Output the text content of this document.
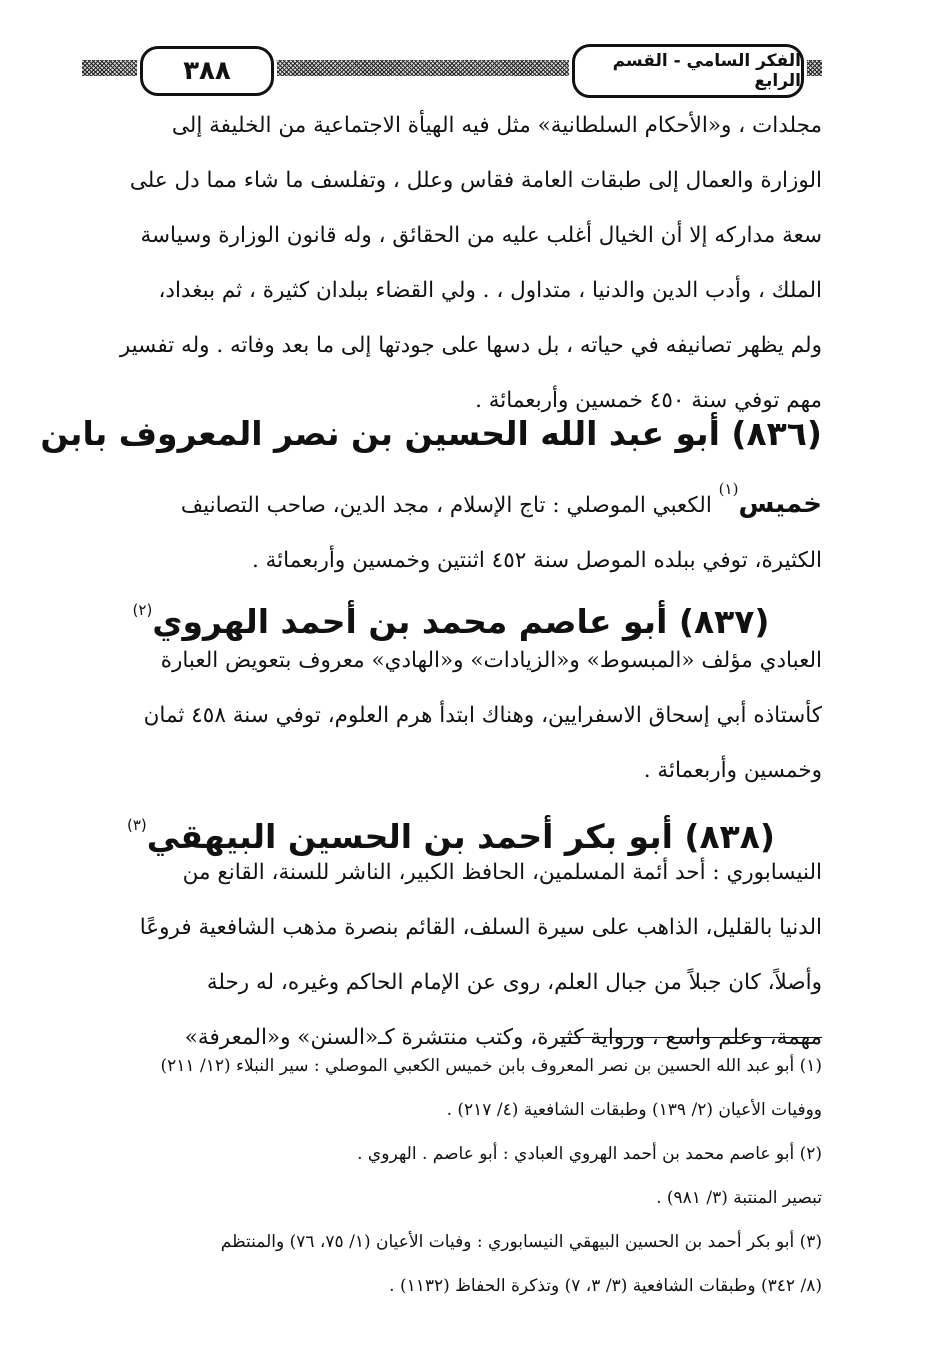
٣٨٨	الفكر السامي - القسم الرابع

مجلدات ، و«الأحكام السلطانية» مثل فيه الهيأة الاجتماعية من الخليفة إلى

الوزارة والعمال إلى طبقات العامة فقاس وعلل ، وتفلسف ما شاء مما دل على

سعة مداركه إلا أن الخيال أغلب عليه من الحقائق ، وله قانون الوزارة وسياسة

الملك ، وأدب الدين والدنيا ، متداول ، . ولي القضاء ببلدان كثيرة ، ثم ببغداد،

ولم يظهر تصانيفه في حياته ، بل دسها على جودتها إلى ما بعد وفاته . وله تفسير

مهم توفي سنة ٤٥٠ خمسين وأربعمائة .

(٨٣٦) أبو عبد الله الحسين بن نصر المعروف بابن

خميس$^{(١)}$ الكعبي الموصلي : تاج الإسلام ، مجد الدين، صاحب التصانيف

الكثيرة، توفي ببلده الموصل سنة ٤٥٢ اثنتين وخمسين وأربعمائة .

(٨٣٧) أبو عاصم محمد بن أحمد الهروي$^{(٢)}$

العبادي مؤلف «المبسوط» و«الزيادات» و«الهادي» معروف بتعويض العبارة

كأستاذه أبي إسحاق الاسفرايين، وهناك ابتدأ هرم العلوم، توفي سنة ٤٥٨ ثمان

وخمسين وأربعمائة .

(٨٣٨) أبو بكر أحمد بن الحسين البيهقي$^{(٣)}$

النيسابوري : أحد أئمة المسلمين، الحافظ الكبير، الناشر للسنة، القانع من

الدنيا بالقليل، الذاهب على سيرة السلف، القائم بنصرة مذهب الشافعية فروعًا

وأصلاً، كان جبلاً من جبال العلم، روى عن الإمام الحاكم وغيره، له رحلة

مهمة، وعلم واسع ، ورواية كثيرة، وكتب منتشرة كـ«السنن» و«المعرفة»

(١) أبو عبد الله الحسين بن نصر المعروف بابن خميس الكعبي الموصلي : سير النبلاء (١٢/ ٢١١)

ووفيات الأعيان (٢/ ١٣٩) وطبقات الشافعية (٤/ ٢١٧) .

(٢) أبو عاصم محمد بن أحمد الهروي العبادي : أبو عاصم . الهروي .

تبصير المنتبة (٣/ ٩٨١) .

(٣) أبو بكر أحمد بن الحسين البيهقي النيسابوري : وفيات الأعيان (١/ ٧٥، ٧٦) والمنتظم

(٨/ ٣٤٢) وطبقات الشافعية (٣/ ٣، ٧) وتذكرة الحفاظ (١١٣٢) .
